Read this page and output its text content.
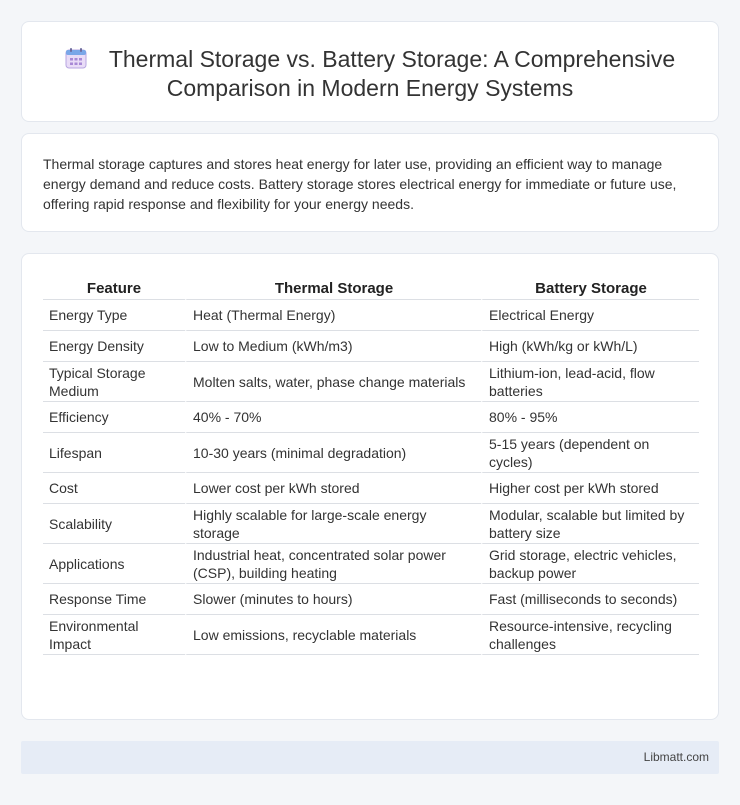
Thermal Storage vs. Battery Storage: A Comprehensive
Comparison in Modern Energy Systems

Thermal storage captures and stores heat energy for later use, providing an efficient way to manage energy demand and reduce costs. Battery storage stores electrical energy for immediate or future use, offering rapid response and flexibility for your energy needs.

Feature	Thermal Storage	Battery Storage
Energy Type	Heat (Thermal Energy)	Electrical Energy
Energy Density	Low to Medium (kWh/m3)	High (kWh/kg or kWh/L)
Typical Storage Medium	Molten salts, water, phase change materials	Lithium-ion, lead-acid, flow batteries
Efficiency	40% - 70%	80% - 95%
Lifespan	10-30 years (minimal degradation)	5-15 years (dependent on cycles)
Cost	Lower cost per kWh stored	Higher cost per kWh stored
Scalability	Highly scalable for large-scale energy storage	Modular, scalable but limited by battery size
Applications	Industrial heat, concentrated solar power (CSP), building heating	Grid storage, electric vehicles, backup power
Response Time	Slower (minutes to hours)	Fast (milliseconds to seconds)
Environmental Impact	Low emissions, recyclable materials	Resource-intensive, recycling challenges
Libmatt.com
